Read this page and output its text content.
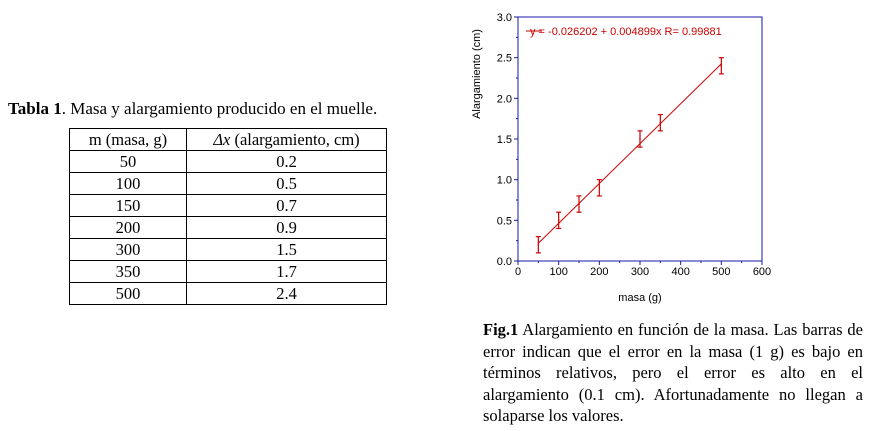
Tabla 1. Masa y alargamiento producido en el muelle.
m (masa, g)	Δx (alargamiento, cm)
50	0.2
100	0.5
150	0.7
200	0.9
300	1.5
350	1.7
500	2.4
0	100 200 300 400 500 600
0.0
0.5
1.0
1.5
2.0
2.5
3.0
masa (g)
Alargamiento (cm)	y = -0.026202 + 0.004899x R= 0.99881
Fig.1 Alargamiento en función de la masa. Las barras de error indican que el error en la masa (1 g) es bajo en términos relativos, pero el error es alto en el alargamiento (0.1 cm). Afortunadamente no llegan a solaparse los valores.
